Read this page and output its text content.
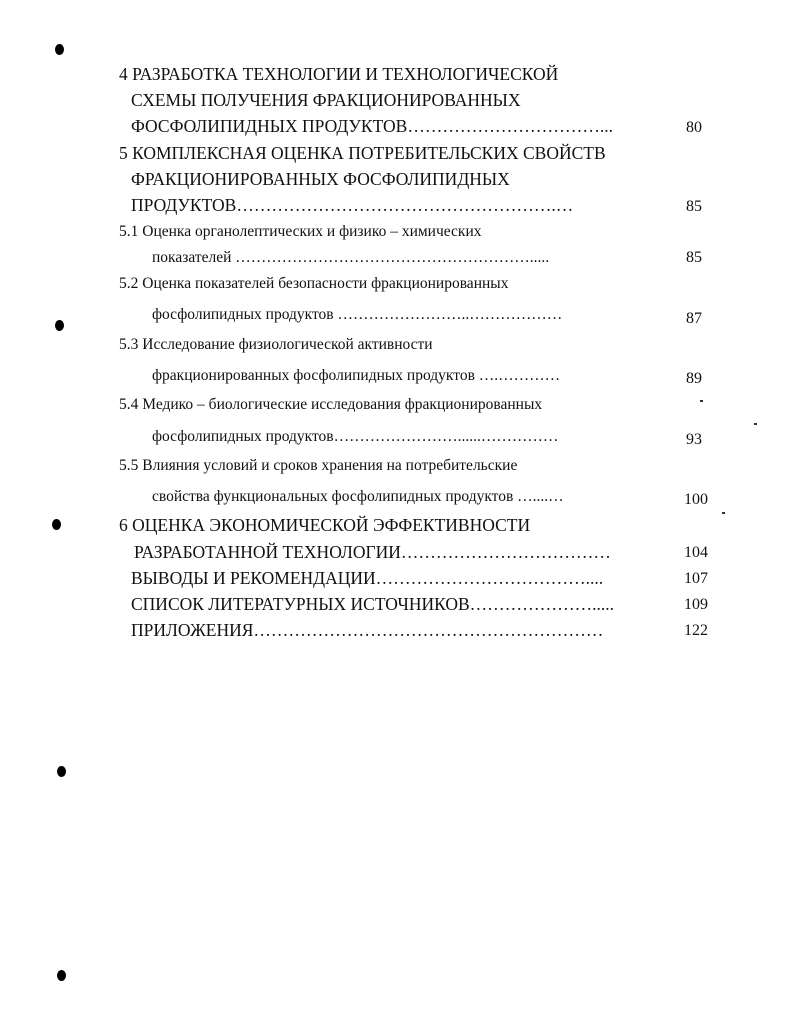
4 РАЗРАБОТКА ТЕХНОЛОГИИ И ТЕХНОЛОГИЧЕСКОЙ
СХЕМЫ ПОЛУЧЕНИЯ ФРАКЦИОНИРОВАННЫХ
ФОСФОЛИПИДНЫХ ПРОДУКТОВ……………………………...	80
5 КОМПЛЕКСНАЯ ОЦЕНКА ПОТРЕБИТЕЛЬСКИХ СВОЙСТВ
ФРАКЦИОНИРОВАННЫХ ФОСФОЛИПИДНЫХ
ПРОДУКТОВ……………………………………………….…	85
5.1 Оценка органолептических и физико – химических
показателей ………………………………………………….....	85
5.2 Оценка показателей безопасности фракционированных
фосфолипидных продуктов ……………………..………………	87
5.3 Исследование физиологической активности
фракционированных фосфолипидных продуктов ….…………	89
5.4 Медико – биологические исследования фракционированных
фосфолипидных продуктов……………………......……………	93
5.5 Влияния условий и сроков хранения на потребительские
свойства функциональных фосфолипидных продуктов …....…	100
6 ОЦЕНКА ЭКОНОМИЧЕСКОЙ ЭФФЕКТИВНОСТИ
РАЗРАБОТАННОЙ ТЕХНОЛОГИИ………………………………	104
ВЫВОДЫ И РЕКОМЕНДАЦИИ………………………………....	107
СПИСОК ЛИТЕРАТУРНЫХ ИСТОЧНИКОВ………………….....	109
ПРИЛОЖЕНИЯ……………………………………………………	122
